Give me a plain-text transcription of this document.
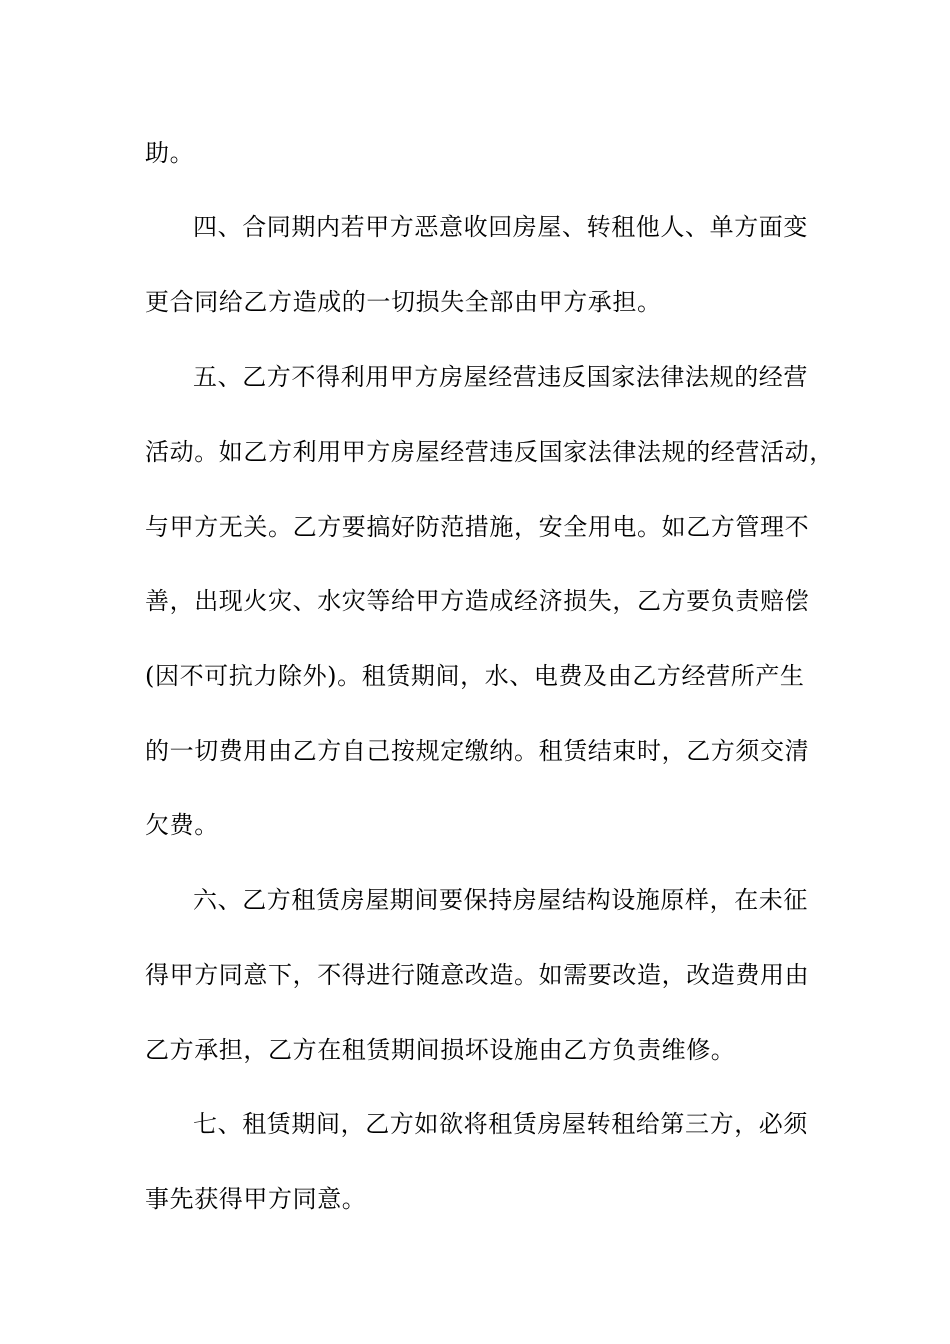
助。
四、合同期内若甲方恶意收回房屋、转租他人、单方面变
更合同给乙方造成的一切损失全部由甲方承担。
五、乙方不得利用甲方房屋经营违反国家法律法规的经营
活动。如乙方利用甲方房屋经营违反国家法律法规的经营活动，
与甲方无关。乙方要搞好防范措施，安全用电。如乙方管理不
善，出现火灾、水灾等给甲方造成经济损失，乙方要负责赔偿
(因不可抗力除外)。租赁期间，水、电费及由乙方经营所产生
的一切费用由乙方自己按规定缴纳。租赁结束时，乙方须交清
欠费。
六、乙方租赁房屋期间要保持房屋结构设施原样，在未征
得甲方同意下，不得进行随意改造。如需要改造，改造费用由
乙方承担，乙方在租赁期间损坏设施由乙方负责维修。
七、租赁期间，乙方如欲将租赁房屋转租给第三方，必须
事先获得甲方同意。
